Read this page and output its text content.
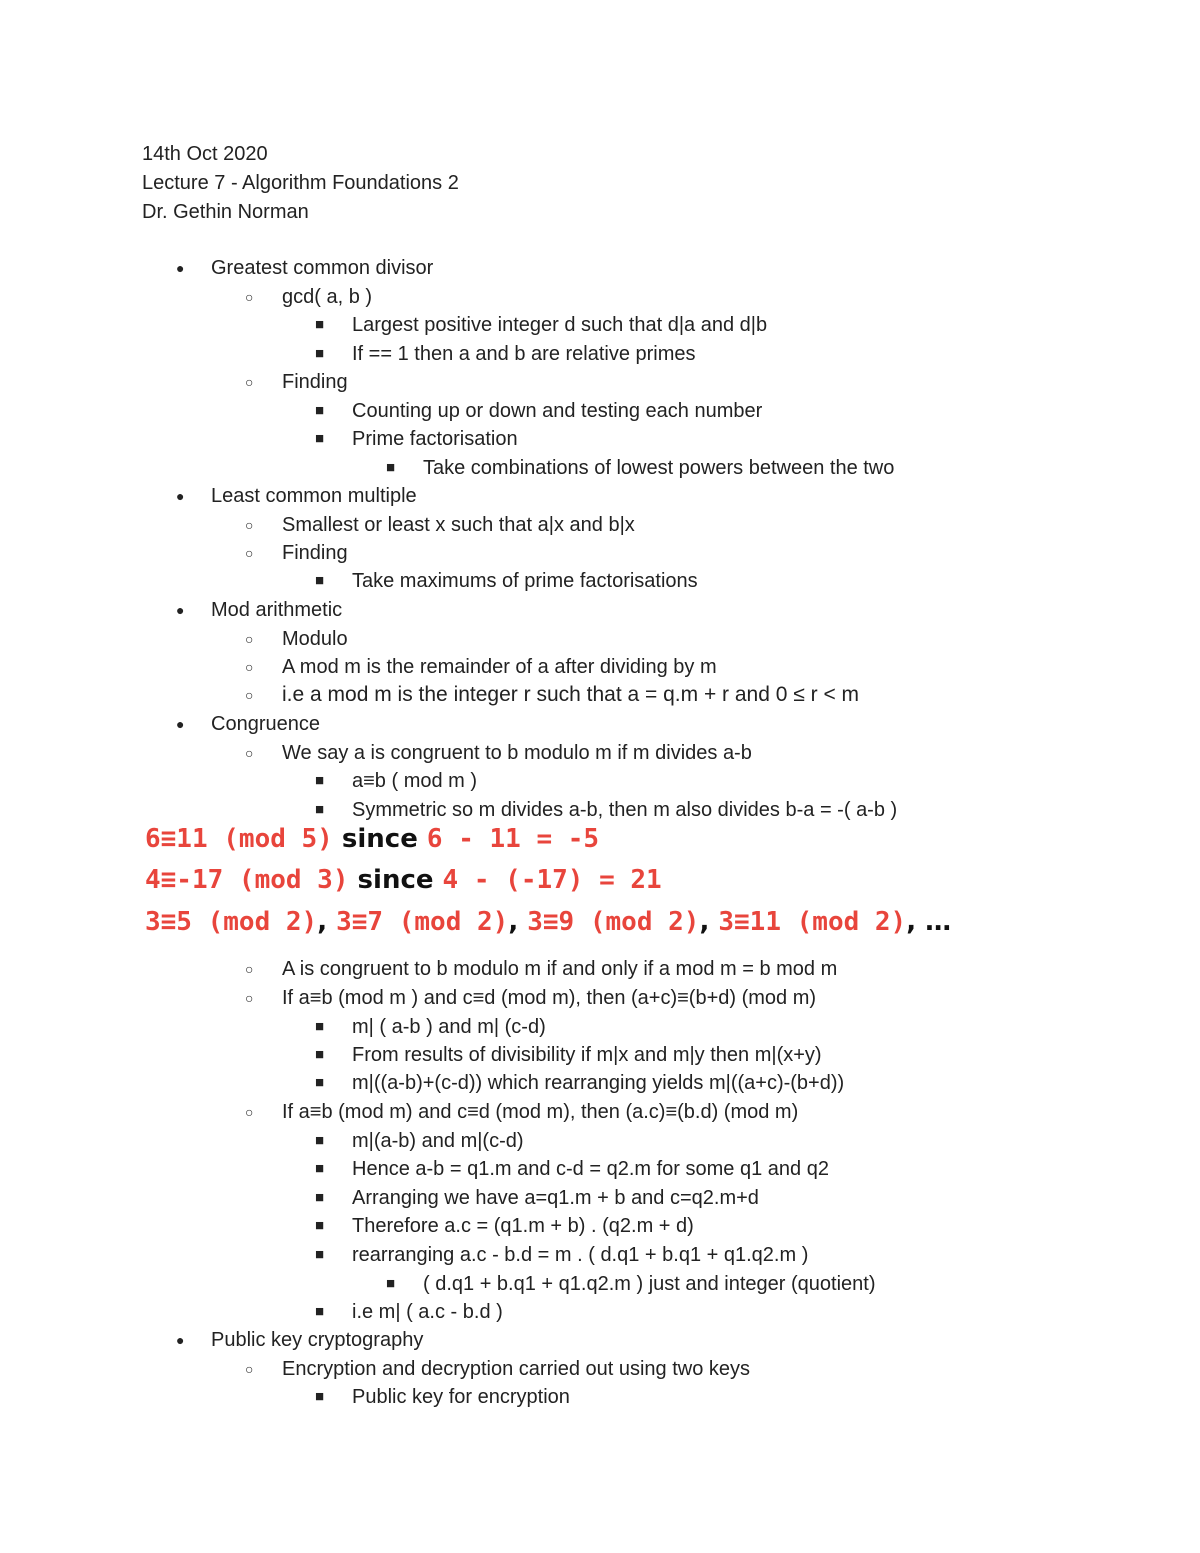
14th Oct 2020
Lecture 7 - Algorithm Foundations 2
Dr. Gethin Norman
● Greatest common divisor
○ gcd( a, b )
■ Largest positive integer d such that d|a and d|b
■ If == 1 then a and b are relative primes
○ Finding
■ Counting up or down and testing each number
■ Prime factorisation
■ Take combinations of lowest powers between the two
● Least common multiple
○ Smallest or least x such that a|x and b|x
○ Finding
■ Take maximums of prime factorisations
● Mod arithmetic
○ Modulo
○ A mod m is the remainder of a after dividing by m
○ i.e a mod m is the integer r such that a = q.m + r and 0 ≤ r < m
● Congruence
○ We say a is congruent to b modulo m if m divides a-b
■ a≡b ( mod m )
■ Symmetric so m divides a-b, then m also divides b-a = -( a-b )
6≡11 (mod 5) since 6 - 11 = -5
4≡-17 (mod 3) since 4 - (-17) = 21
3≡5 (mod 2), 3≡7 (mod 2), 3≡9 (mod 2), 3≡11 (mod 2), …
○ A is congruent to b modulo m if and only if a mod m = b mod m
○ If a≡b (mod m ) and c≡d (mod m), then (a+c)≡(b+d) (mod m)
■ m| ( a-b ) and m| (c-d)
■ From results of divisibility if m|x and m|y then m|(x+y)
■ m|((a-b)+(c-d)) which rearranging yields m|((a+c)-(b+d))
○ If a≡b (mod m) and c≡d (mod m), then (a.c)≡(b.d) (mod m)
■ m|(a-b) and m|(c-d)
■ Hence a-b = q1.m and c-d = q2.m for some q1 and q2
■ Arranging we have a=q1.m + b and c=q2.m+d
■ Therefore a.c = (q1.m + b) . (q2.m + d)
■ rearranging a.c - b.d = m . ( d.q1 + b.q1 + q1.q2.m )
■ ( d.q1 + b.q1 + q1.q2.m ) just and integer (quotient)
■ i.e m| ( a.c - b.d )
● Public key cryptography
○ Encryption and decryption carried out using two keys
■ Public key for encryption
